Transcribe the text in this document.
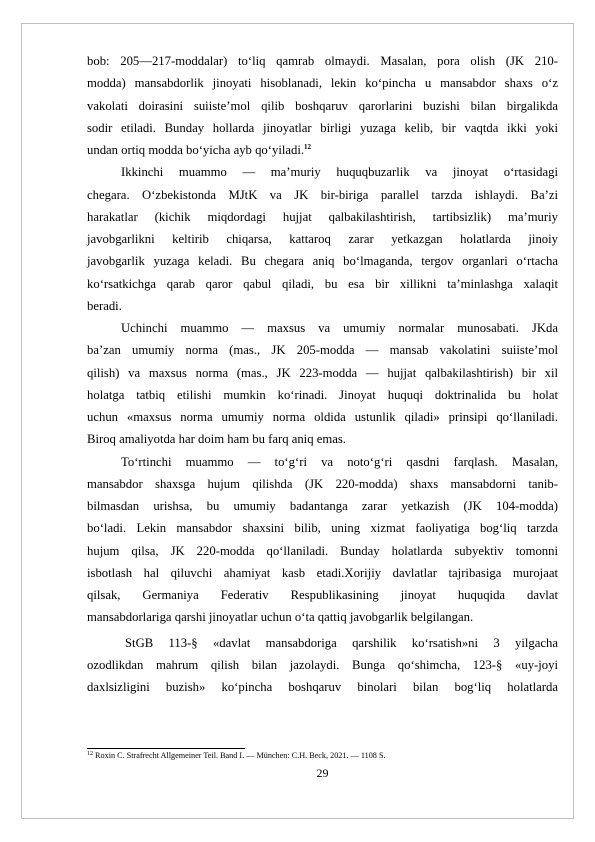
bob: 205—217-moddalar) to‘liq qamrab olmaydi. Masalan, pora olish (JK 210-

modda) mansabdorlik jinoyati hisoblanadi, lekin ko‘pincha u mansabdor shaxs o‘z

vakolati doirasini suiiste’mol qilib boshqaruv qarorlarini buzishi bilan birgalikda

sodir etiladi. Bunday hollarda jinoyatlar birligi yuzaga kelib, bir vaqtda ikki yoki

undan ortiq modda bo‘yicha ayb qo‘yiladi.$^{12}$

Ikkinchi muammo — ma’muriy huquqbuzarlik va jinoyat o‘rtasidagi

chegara. O‘zbekistonda MJtK va JK bir-biriga parallel tarzda ishlaydi. Ba’zi

harakatlar (kichik miqdordagi hujjat qalbakilashtirish, tartibsizlik) ma’muriy

javobgarlikni keltirib chiqarsa, kattaroq zarar yetkazgan holatlarda jinoiy

javobgarlik yuzaga keladi. Bu chegara aniq bo‘lmaganda, tergov organlari o‘rtacha

ko‘rsatkichga qarab qaror qabul qiladi, bu esa bir xillikni ta’minlashga xalaqit

beradi.

Uchinchi muammo — maxsus va umumiy normalar munosabati. JKda

ba’zan umumiy norma (mas., JK 205-modda — mansab vakolatini suiiste’mol

qilish) va maxsus norma (mas., JK 223-modda — hujjat qalbakilashtirish) bir xil

holatga tatbiq etilishi mumkin ko‘rinadi. Jinoyat huquqi doktrinalida bu holat

uchun «maxsus norma umumiy norma oldida ustunlik qiladi» prinsipi qo‘llaniladi.

Biroq amaliyotda har doim ham bu farq aniq emas.

To‘rtinchi muammo — to‘g‘ri va noto‘g‘ri qasdni farqlash. Masalan,

mansabdor shaxsga hujum qilishda (JK 220-modda) shaxs mansabdorni tanib-

bilmasdan urishsa, bu umumiy badantanga zarar yetkazish (JK 104-modda)

bo‘ladi. Lekin mansabdor shaxsini bilib, uning xizmat faoliyatiga bog‘liq tarzda

hujum qilsa, JK 220-modda qo‘llaniladi. Bunday holatlarda subyektiv tomonni

isbotlash hal qiluvchi ahamiyat kasb etadi.Xorijiy davlatlar tajribasiga murojaat

qilsak, Germaniya Federativ Respublikasining jinoyat huquqida davlat

mansabdorlariga qarshi jinoyatlar uchun o‘ta qattiq javobgarlik belgilangan.

StGB 113-§ «davlat mansabdoriga qarshilik ko‘rsatish»ni 3 yilgacha

ozodlikdan mahrum qilish bilan jazolaydi. Bunga qo‘shimcha, 123-§ «uy-joyi

daxlsizligini buzish» ko‘pincha boshqaruv binolari bilan bog‘liq holatlarda

$^{12}$ Roxin C. Strafrecht Allgemeiner Teil. Band I. — München: C.H. Beck, 2021. — 1108 S.
29
